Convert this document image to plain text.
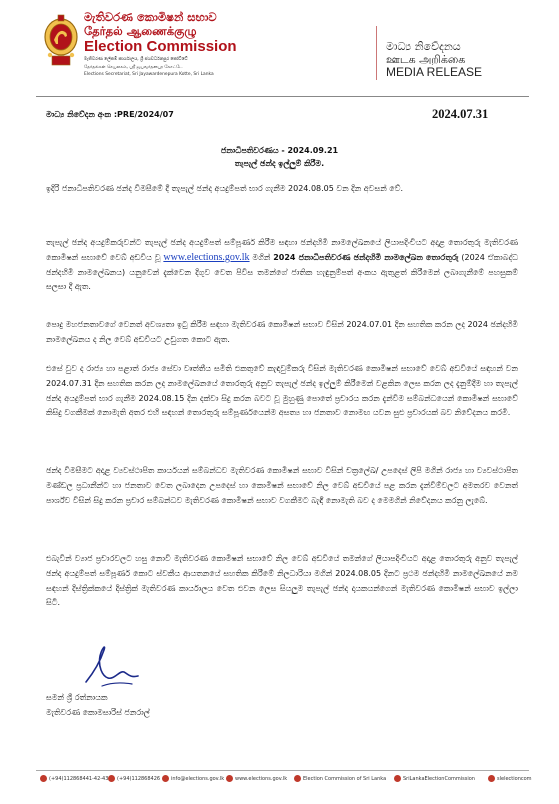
මැතිවරණ කොමිෂන් සභාව
தேர்தல் ஆணைக்குழு
Election Commission
මැතිවරණ ලේකම් කාර්යාලය, ශ්‍රී ජයවර්ධනපුර කෝට්ටේ
தேர்தல்கள் செயலகம், ஸ்ரீ ஜயவர்தனபுர கோட்டே
Elections Secretariat, Sri Jayawardenepura Kotte, Sri Lanka
මාධ්‍ය නිවේදනය
ஊடக அறிக்கை
MEDIA RELEASE
මාධ්‍ය නිවේදන අංක :PRE/2024/07	2024.07.31
ජනාධිපතිවරණය - 2024.09.21
තැපැල් ඡන්ද ඉල්ලුම් කිරීම.
ඉදිරි ජනාධිපතිවරණ ඡන්ද විමසීමේ දී තැපැල් ඡන්ද අයදුම්පත් භාර ගැනීම 2024.08.05 වන දින අවසන් වේ.
තැපැල් ඡන්ද අයදුම්කරුවන්ට තැපැල් ඡන්ද අයදුම්පත් සම්පූර්ණ කිරීම සඳහා ඡන්දහිමි නාමලේඛනයේ ලියාපදිංචියට අදාළ තොරතුරු මැතිවරණ කොමිෂන් සභාවේ වෙබ් අඩවිය වූ www.elections.gov.lk මගින් 2024 ජනාධිපතිවරණ ඡන්දහිමි නාමලේඛන තොරතුරු (2024 ඒකාබද්ධ ඡන්දහිමි නාමලේඛනය) යනුවෙන් දැක්වෙන දිගුව වෙත පිවිස තමන්ගේ ජාතික හැඳුනුම්පත් අංකය ඇතුළත් කිරීමෙන් ලබාගැනීමේ පහසුකම් සලසා දී ඇත.
පොදු මහජනතාවගේ වෙනත් අවශ්‍යතා ඉටු කිරීම සඳහා මැතිවරණ කොමිෂන් සභාව විසින් 2024.07.01 දින සහතික කරන ලද 2024 ඡන්දහිමි නාමලේඛනය ද නිල වෙබ් අඩවියට උඩුගත කොට ඇත.
එසේ වුව ද රාජ්‍ය හා පළාත් රාජ්‍ය සේවා වෘත්තීය සමිති එකතුවේ කැඳවුම්කරු විසින් මැතිවරණ කොමිෂන් සභාවේ වෙබ් අඩවියේ සඳහන් වන 2024.07.31 දින සහතික කරන ලද නාමලේඛනයේ තොරතුරු අනුව තැපැල් ඡන්ද ඉල්ලුම් කිරීමෙන් වළකින ලෙස කරන ලද දැනුම්දීම හා තැපැල් ඡන්ද අයදුම්පත් භාර ගැනීම 2024.08.15 දින දක්වා සිදු කරන බවට වූ මුහුණු පොතේ ප්‍රචාරය කරන දැන්වීම සම්බන්ධයෙන් කොමිෂන් සභාවේ කිසිදු වගකීමක් නොමැති අතර එහි සඳහන් තොරතුරු සම්පූර්ණයෙන්ම අසත්‍ය හා ජනතාව නොමඟ යවන සුළු ප්‍රචාරයක් බව නිවේදනය කරමි.
ඡන්ද විමසීමට අදාළ ව්‍යවස්ථාපිත කාර්යයන් සම්බන්ධව මැතිවරණ කොමිෂන් සභාව විසින් චක්‍රලේඛ/ උපදෙස් ලිපි මගින් රාජ්‍ය හා ව්‍යවස්ථාපිත මණ්ඩල ප්‍රධානීන්ට හා ජනතාව වෙත ලබාදෙන උපදෙස් හා කොමිෂන් සභාවේ නිල වෙබ් අඩවියේ පළ කරන දැන්වීම්වලට අමතරව වෙනත් පාර්ශ්ව විසින් සිදු කරන ප්‍රචාර සම්බන්ධව මැතිවරණ කොමිෂන් සභාව වගකීමට බැඳී නොමැති බව ද මෙමගින් නිවේදනය කරනු ලැබේ.
එබැවින් ව්‍යාජ ප්‍රචාරවලට හසු නොවී මැතිවරණ කොමිෂන් සභාවේ නිල වෙබ් අඩවියේ තමන්ගේ ලියාපදිංචියට අදාළ තොරතුරු අනුව තැපැල් ඡන්ද අයදුම්පත් සම්පූර්ණ කොට ස්වකීය ආයතනයේ සහතික කිරීමේ නිලධාරියා මගින් 2024.08.05 දිනට ප්‍රථම ඡන්දහිමි නාමලේඛනයේ නම සඳහන් දිස්ත්‍රික්කයේ දිස්ත්‍රික් මැතිවරණ කාර්යාලය වෙත එවන ලෙස සියලුම තැපැල් ඡන්ද දායකයන්ගෙන් මැතිවරණ කොමිෂන් සභාව ඉල්ලා සිටී.
සමන් ශ්‍රී රත්නායක
මැතිවරණ කොමසාරිස් ජනරාල්
(+94)112868441-42-43	(+94)112868426	info@elections.gov.lk	www.elections.gov.lk	Election Commission of Sri Lanka	SriLankaElectionCommission	slelectioncom
